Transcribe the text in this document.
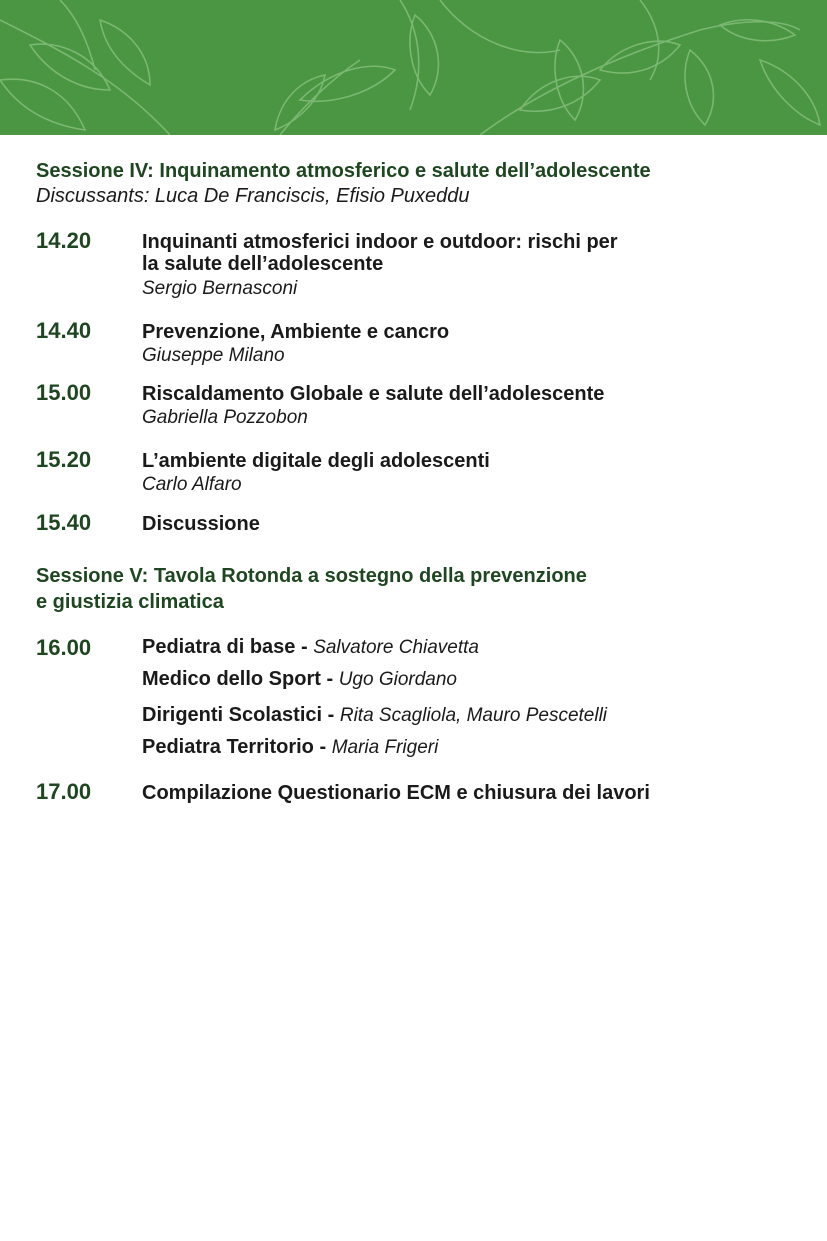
Sessione IV: Inquinamento atmosferico e salute dell’adolescente
Discussants: Luca De Franciscis, Efisio Puxeddu
14.20	Inquinanti atmosferici indoor e outdoor: rischi per
la salute dell’adolescente
Sergio Bernasconi
14.40	Prevenzione, Ambiente e cancro
Giuseppe Milano
15.00	Riscaldamento Globale e salute dell’adolescente
Gabriella Pozzobon
15.20	L’ambiente digitale degli adolescenti
Carlo Alfaro
15.40	Discussione
Sessione V: Tavola Rotonda a sostegno della prevenzione
e giustizia climatica
16.00	Pediatra di base - Salvatore Chiavetta
Medico dello Sport - Ugo Giordano
Dirigenti Scolastici - Rita Scagliola, Mauro Pescetelli
Pediatra Territorio - Maria Frigeri
17.00	Compilazione Questionario ECM e chiusura dei lavori
